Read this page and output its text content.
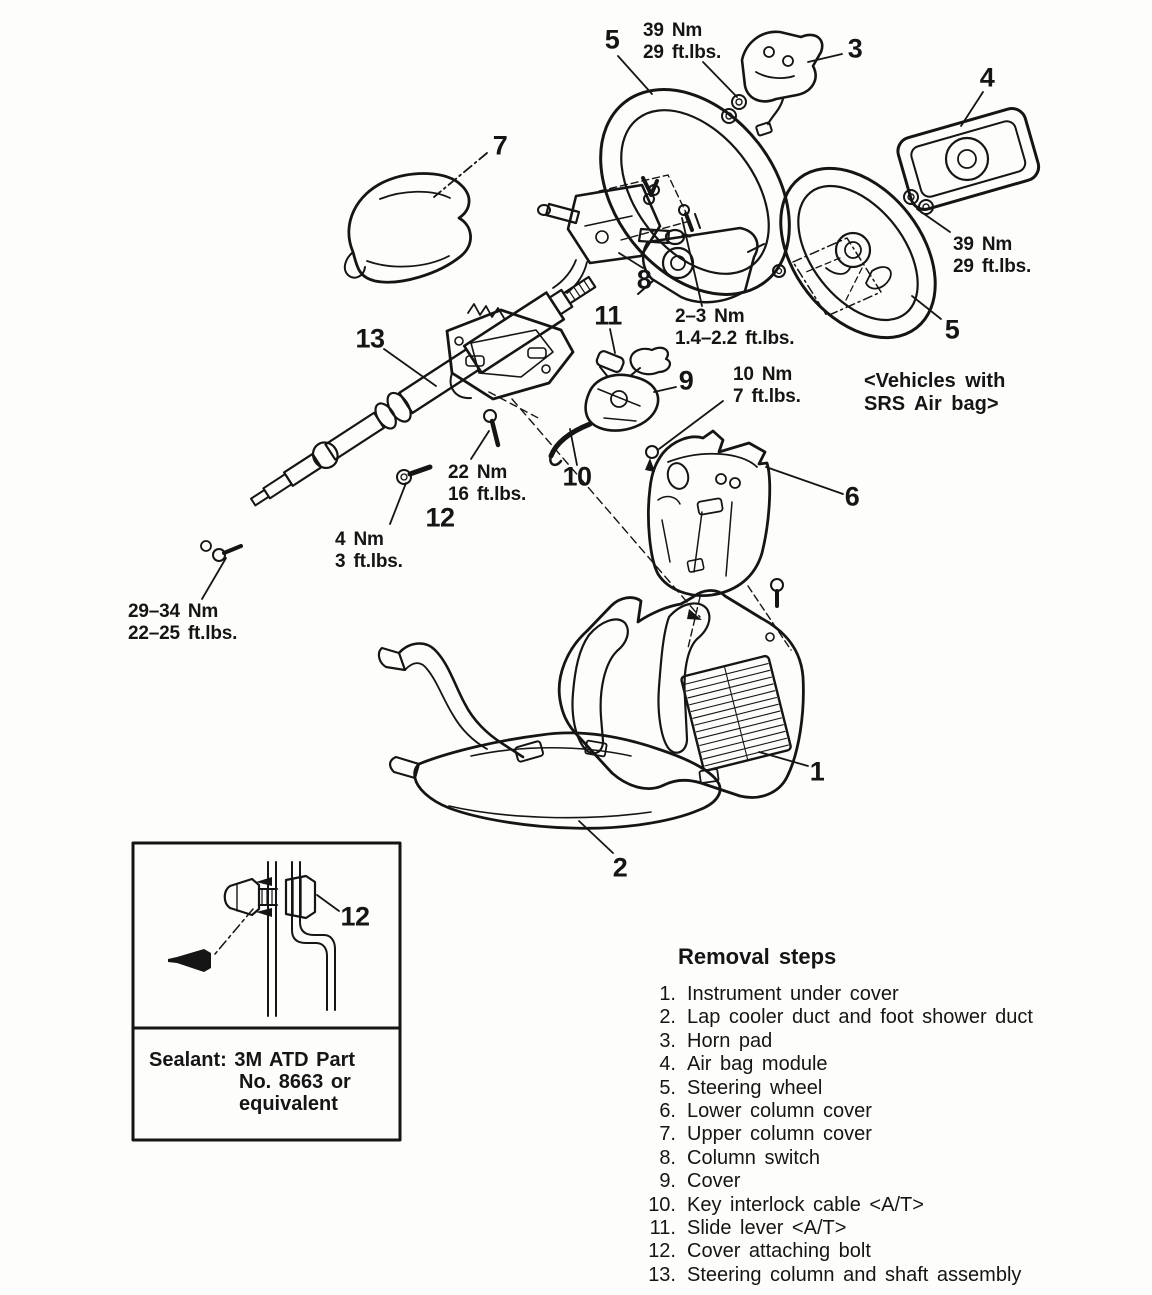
5	3
4
5
7
8
13
11
9
10
12
6
1
2
12
39 Nm
29 ft.lbs.
39 Nm
29 ft.lbs.
2–3 Nm
1.4–2.2 ft.lbs.
10 Nm
7 ft.lbs.
22 Nm
16 ft.lbs.
4 Nm
3 ft.lbs.
29–34 Nm
22–25 ft.lbs.
<Vehicles with
SRS Air bag>
Sealant: 3M ATD Part
No. 8663 or
equivalent
Removal steps
1. Instrument under cover
2. Lap cooler duct and foot shower duct
3. Horn pad
4. Air bag module
5. Steering wheel
6. Lower column cover
7. Upper column cover
8. Column switch
9. Cover
10. Key interlock cable <A/T>
11. Slide lever <A/T>
12. Cover attaching bolt
13. Steering column and shaft assembly
